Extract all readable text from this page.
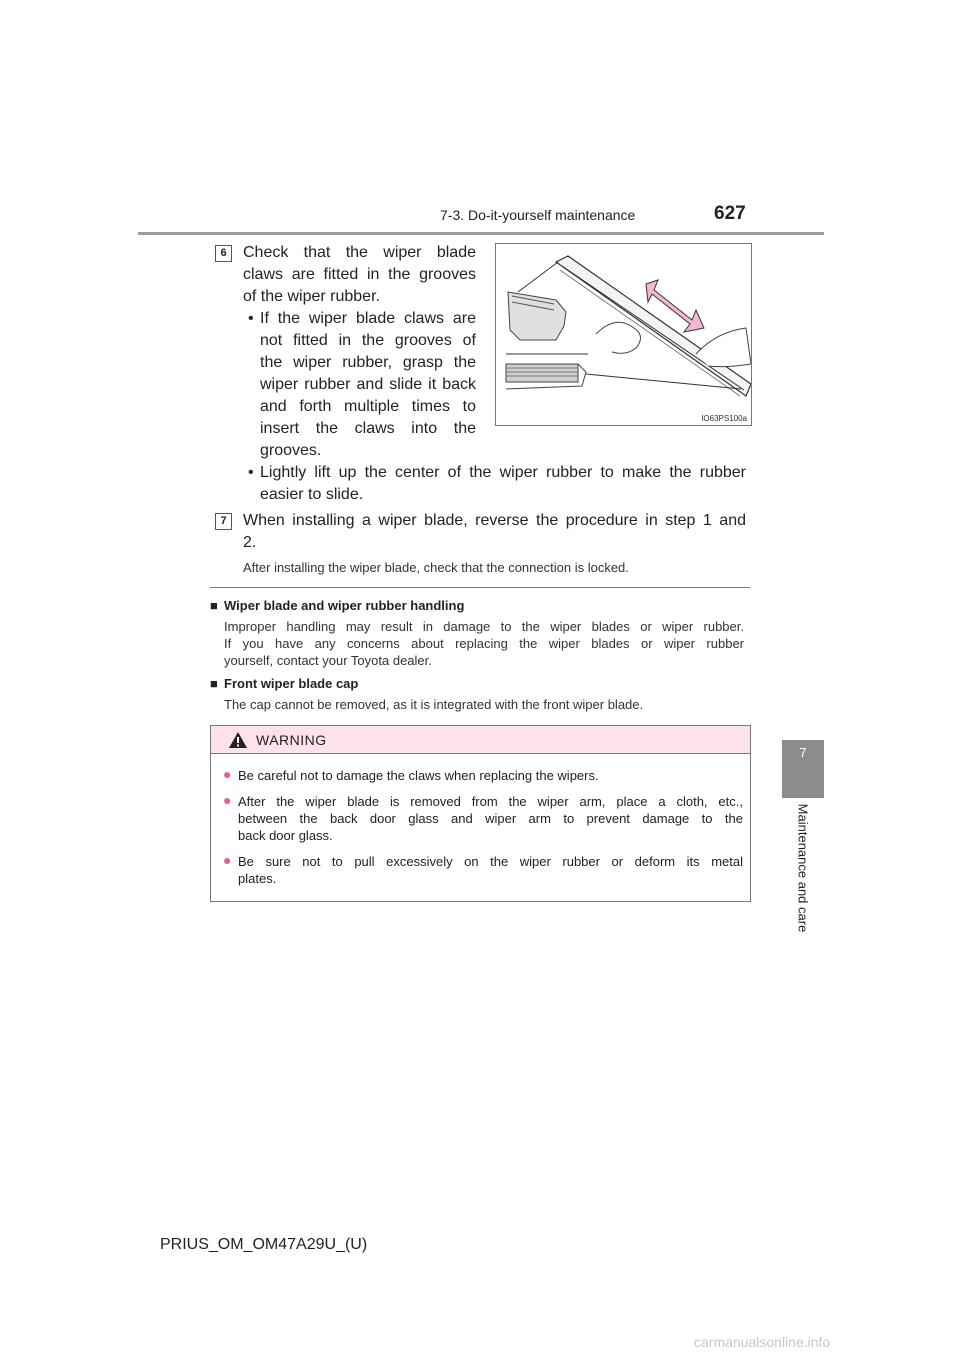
7-3. Do-it-yourself maintenance	627
7
Maintenance and care
6	Check that the wiper blade
claws are fitted in the grooves
of the wiper rubber.
• If the wiper blade claws are
not fitted in the grooves of
the wiper rubber, grasp the
wiper rubber and slide it back
and forth multiple times to
insert the claws into the
grooves.
• Lightly lift up the center of the wiper rubber to make the rubber
easier to slide.
IO63PS100a
7	When installing a wiper blade, reverse the procedure in step 1 and
2.
After installing the wiper blade, check that the connection is locked.
■ Wiper blade and wiper rubber handling
Improper handling may result in damage to the wiper blades or wiper rubber.
If you have any concerns about replacing the wiper blades or wiper rubber
yourself, contact your Toyota dealer.
■ Front wiper blade cap
The cap cannot be removed, as it is integrated with the front wiper blade.
WARNING
● Be careful not to damage the claws when replacing the wipers.
● After the wiper blade is removed from the wiper arm, place a cloth, etc.,
between the back door glass and wiper arm to prevent damage to the
back door glass.
● Be sure not to pull excessively on the wiper rubber or deform its metal
plates.
PRIUS_OM_OM47A29U_(U)
carmanualsonline.info
